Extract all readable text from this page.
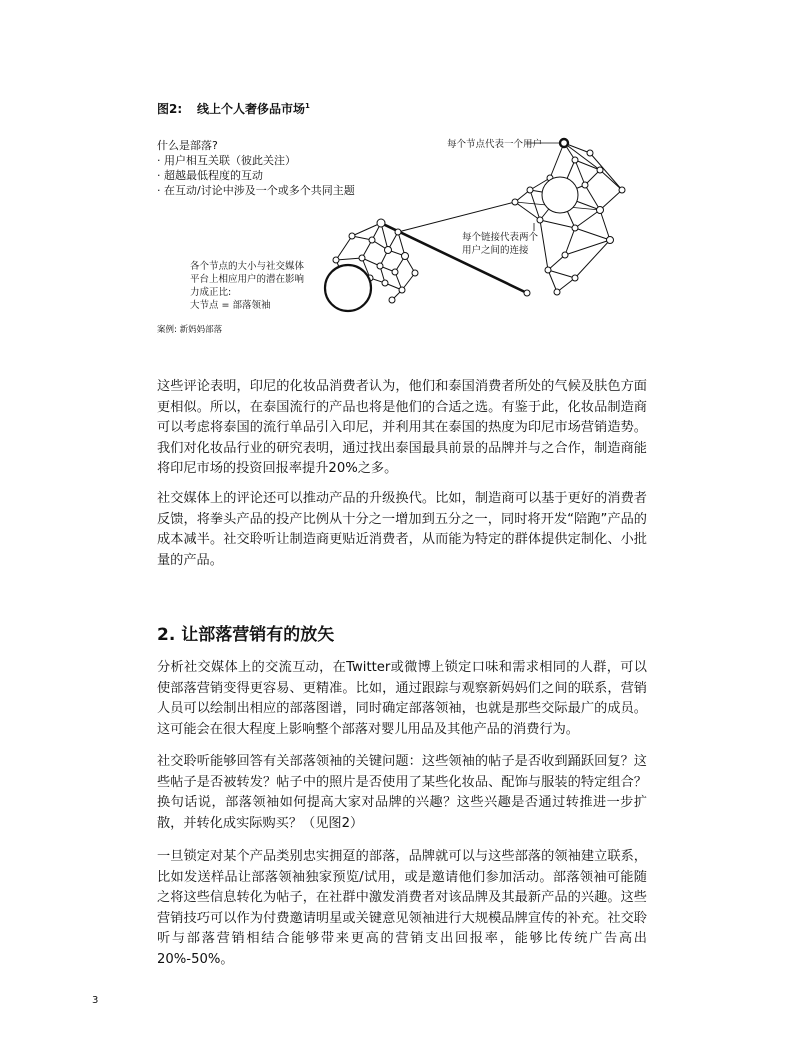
图2: 线上个人奢侈品市场$^1$
什么是部落?
· 用户相互关联（彼此关注）
· 超越最低程度的互动
· 在互动/讨论中涉及一个或多个共同主题
每个节点代表一个用户
每个链接代表两个
用户之间的连接
各个节点的大小与社交媒体
平台上相应用户的潜在影响
力成正比:
大节点 = 部落领袖
案例: 新妈妈部落
这些评论表明，印尼的化妆品消费者认为，他们和泰国消费者所处的气候及肤色方面更相似。所以，在泰国流行的产品也将是他们的合适之选。有鉴于此，化妆品制造商可以考虑将泰国的流行单品引入印尼，并利用其在泰国的热度为印尼市场营销造势。我们对化妆品行业的研究表明，通过找出泰国最具前景的品牌并与之合作，制造商能将印尼市场的投资回报率提升20%之多。
社交媒体上的评论还可以推动产品的升级换代。比如，制造商可以基于更好的消费者反馈，将拳头产品的投产比例从十分之一增加到五分之一，同时将开发“陪跑”产品的成本减半。社交聆听让制造商更贴近消费者，从而能为特定的群体提供定制化、小批量的产品。
2. 让部落营销有的放矢
分析社交媒体上的交流互动，在Twitter或微博上锁定口味和需求相同的人群，可以使部落营销变得更容易、更精准。比如，通过跟踪与观察新妈妈们之间的联系，营销人员可以绘制出相应的部落图谱，同时确定部落领袖，也就是那些交际最广的成员。这可能会在很大程度上影响整个部落对婴儿用品及其他产品的消费行为。
社交聆听能够回答有关部落领袖的关键问题：这些领袖的帖子是否收到踊跃回复？这些帖子是否被转发？帖子中的照片是否使用了某些化妆品、配饰与服装的特定组合？换句话说，部落领袖如何提高大家对品牌的兴趣？这些兴趣是否通过转推进一步扩散，并转化成实际购买？（见图2）
一旦锁定对某个产品类别忠实拥趸的部落，品牌就可以与这些部落的领袖建立联系，比如发送样品让部落领袖独家预览/试用，或是邀请他们参加活动。部落领袖可能随之将这些信息转化为帖子，在社群中激发消费者对该品牌及其最新产品的兴趣。这些营销技巧可以作为付费邀请明星或关键意见领袖进行大规模品牌宣传的补充。社交聆听与部落营销相结合能够带来更高的营销支出回报率，能够比传统广告高出20%-50%。
3
